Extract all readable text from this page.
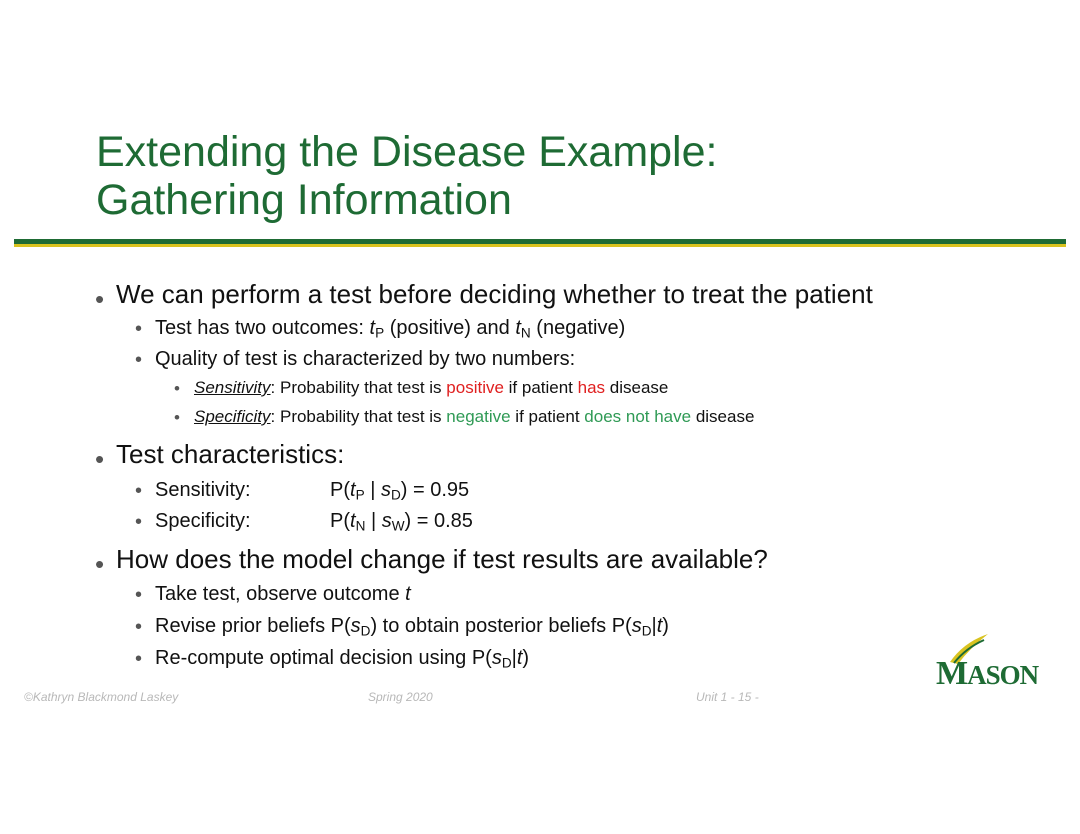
Extending the Disease Example:
Gathering Information
• We can perform a test before deciding whether to treat the patient
• Test has two outcomes: $t_P$ (positive) and $t_N$ (negative)
• Quality of test is characterized by two numbers:
• Sensitivity: Probability that test is positive if patient has disease
• Specificity: Probability that test is negative if patient does not have disease
• Test characteristics:
• Sensitivity:	$P(t_P$ | $s_D) = 0.95$
• Specificity:	$P(t_N$ | $s_W) = 0.85$
• How does the model change if test results are available?
• Take test, observe outcome t
• Revise prior beliefs $P(s_D)$ to obtain posterior beliefs $P(s_D|t)$
• Re-compute optimal decision using $P(s_D|t)$
©Kathryn Blackmond Laskey	Spring 2020	Unit 1 - 15 -
MASON
